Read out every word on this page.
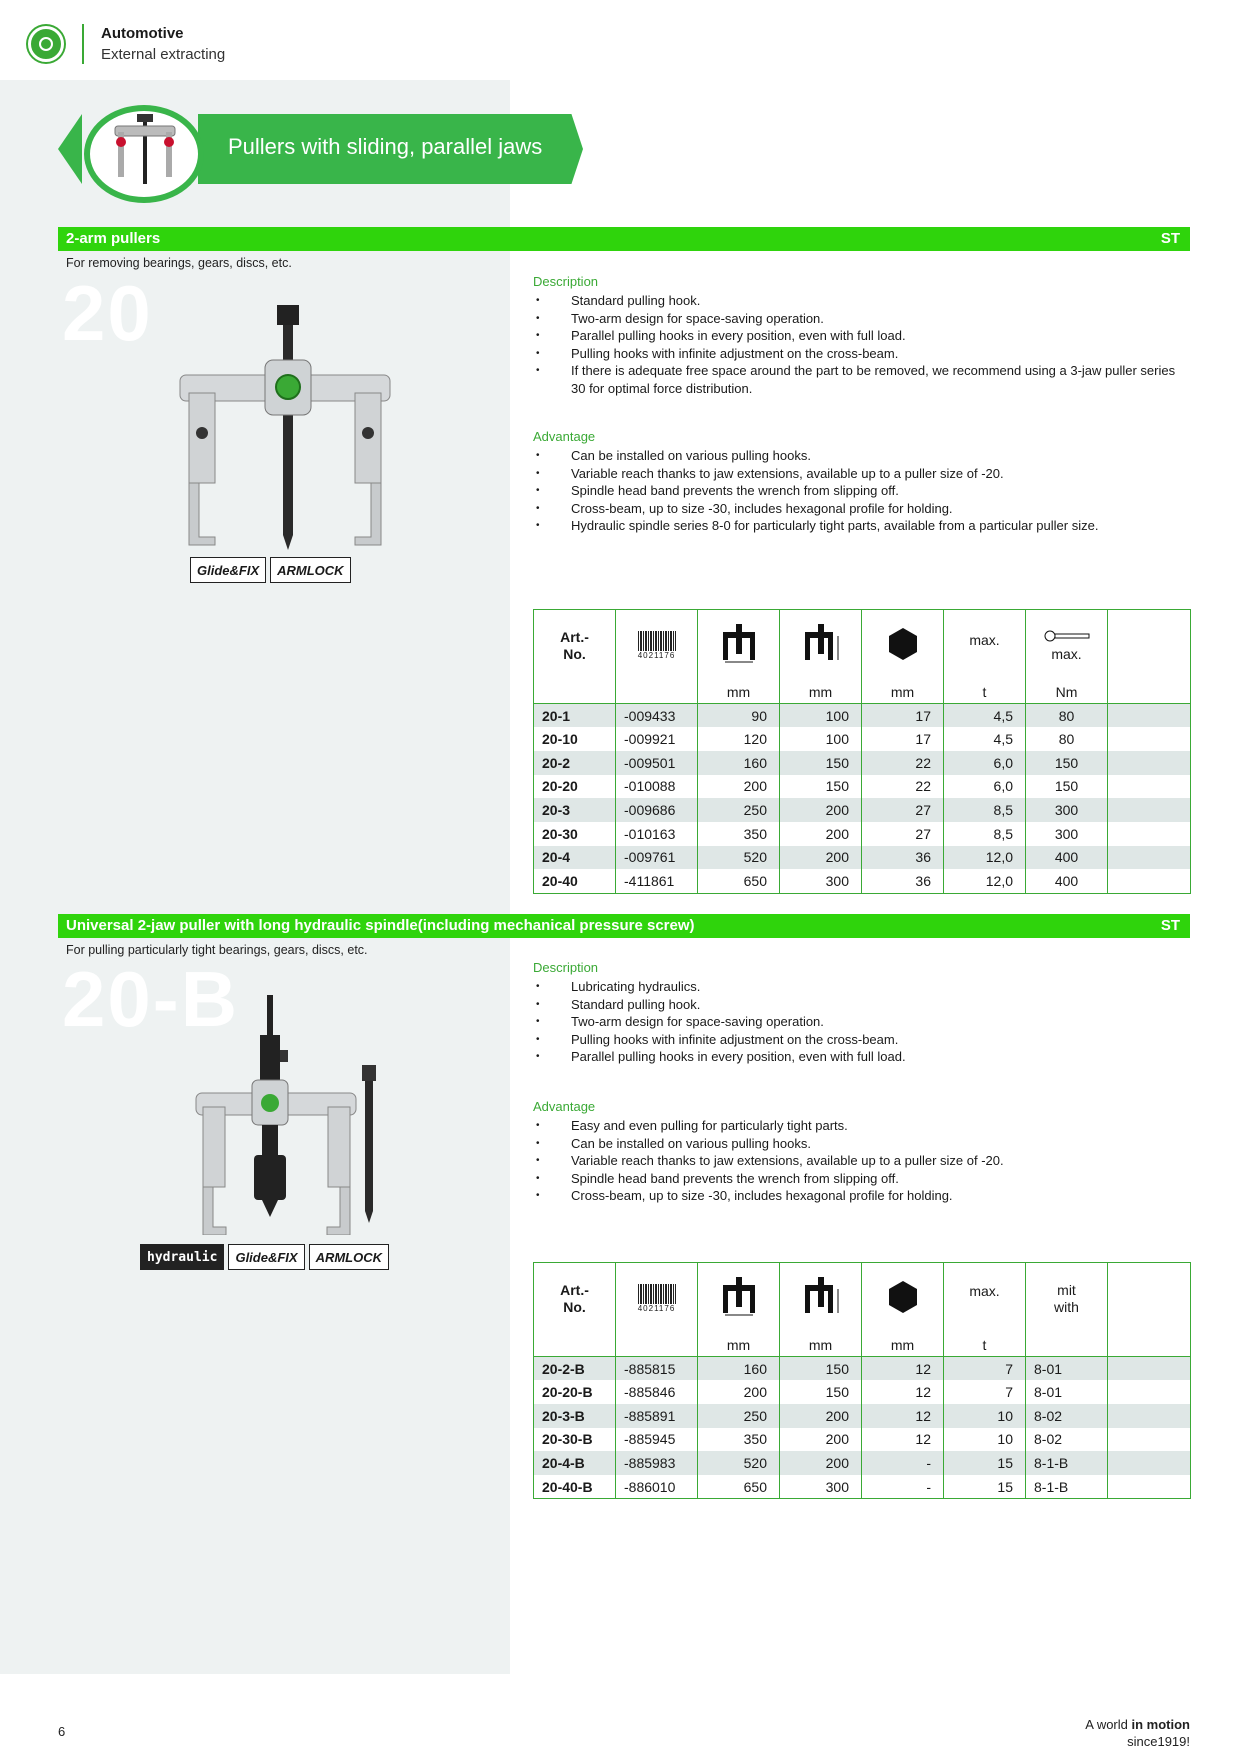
Automotive
External extracting
Pullers with sliding, parallel jaws
2-arm pullers	ST
For removing bearings, gears, discs, etc.
20
Glide&FIX	ARMLOCK
Description
• Standard pulling hook.
• Two-arm design for space-saving operation.
• Parallel pulling hooks in every position, even with full load.
• Pulling hooks with infinite adjustment on the cross-beam.
• If there is adequate free space around the part to be removed, we recommend using a 3-jaw puller series 30 for optimal force distribution.
Advantage
• Can be installed on various pulling hooks.
• Variable reach thanks to jaw extensions, available up to a puller size of -20.
• Spindle head band prevents the wrench from slipping off.
• Cross-beam, up to size -30, includes hexagonal profile for holding.
• Hydraulic spindle series 8-0 for particularly tight parts, available from a particular puller size.
Art.-
No.	4021176				max.	max.	

		mm	mm	mm	t	Nm	
20-1	-009433	90	100	17	4,5	80	
20-10	-009921	120	100	17	4,5	80	
20-2	-009501	160	150	22	6,0	150	
20-20	-010088	200	150	22	6,0	150	
20-3	-009686	250	200	27	8,5	300	
20-30	-010163	350	200	27	8,5	300	
20-4	-009761	520	200	36	12,0	400	
20-40	-411861	650	300	36	12,0	400	
Universal 2-jaw puller with long hydraulic spindle(including mechanical pressure screw)	ST
For pulling particularly tight bearings, gears, discs, etc.
20-B
hydraulic	Glide&FIX	ARMLOCK
Description
• Lubricating hydraulics.
• Standard pulling hook.
• Two-arm design for space-saving operation.
• Pulling hooks with infinite adjustment on the cross-beam.
• Parallel pulling hooks in every position, even with full load.
Advantage
• Easy and even pulling for particularly tight parts.
• Can be installed on various pulling hooks.
• Variable reach thanks to jaw extensions, available up to a puller size of -20.
• Spindle head band prevents the wrench from slipping off.
• Cross-beam, up to size -30, includes hexagonal profile for holding.
Art.-
No.	4021176				max.	mit
with	
		mm	mm	mm	t		
20-2-B	-885815	160	150	12	7	8-01	
20-20-B	-885846	200	150	12	7	8-01	
20-3-B	-885891	250	200	12	10	8-02	
20-30-B	-885945	350	200	12	10	8-02	
20-4-B	-885983	520	200	-	15	8-1-B	
20-40-B	-886010	650	300	-	15	8-1-B	
6	A world in motion
since1919!
